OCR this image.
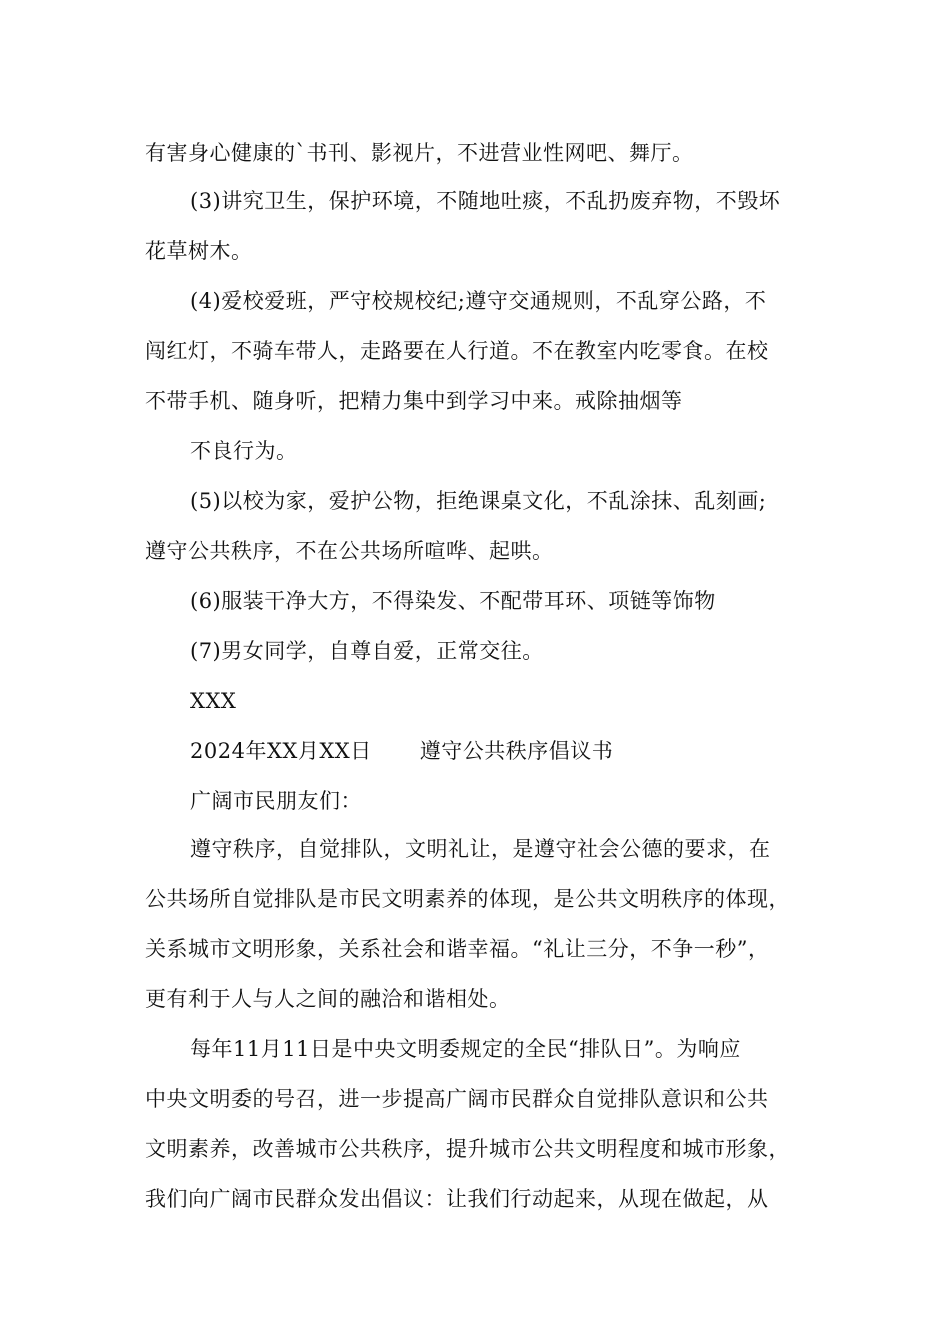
有害身心健康的`书刊、影视片，不进营业性网吧、舞厅。
(3)讲究卫生，保护环境，不随地吐痰，不乱扔废弃物，不毁坏
花草树木。
(4)爱校爱班，严守校规校纪;遵守交通规则，不乱穿公路，不
闯红灯，不骑车带人，走路要在人行道。不在教室内吃零食。在校
不带手机、随身听，把精力集中到学习中来。戒除抽烟等
不良行为。
(5)以校为家，爱护公物，拒绝课桌文化，不乱涂抹、乱刻画;
遵守公共秩序，不在公共场所喧哗、起哄。
(6)服装干净大方，不得染发、不配带耳环、项链等饰物
(7)男女同学，自尊自爱，正常交往。
XXX
2024年XX月XX日 遵守公共秩序倡议书
广阔市民朋友们：
遵守秩序，自觉排队，文明礼让，是遵守社会公德的要求，在
公共场所自觉排队是市民文明素养的体现，是公共文明秩序的体现，
关系城市文明形象，关系社会和谐幸福。“礼让三分，不争一秒”，
更有利于人与人之间的融洽和谐相处。
每年11月11日是中央文明委规定的全民“排队日”。为响应
中央文明委的号召，进一步提高广阔市民群众自觉排队意识和公共
文明素养，改善城市公共秩序，提升城市公共文明程度和城市形象，
我们向广阔市民群众发出倡议：让我们行动起来，从现在做起，从
